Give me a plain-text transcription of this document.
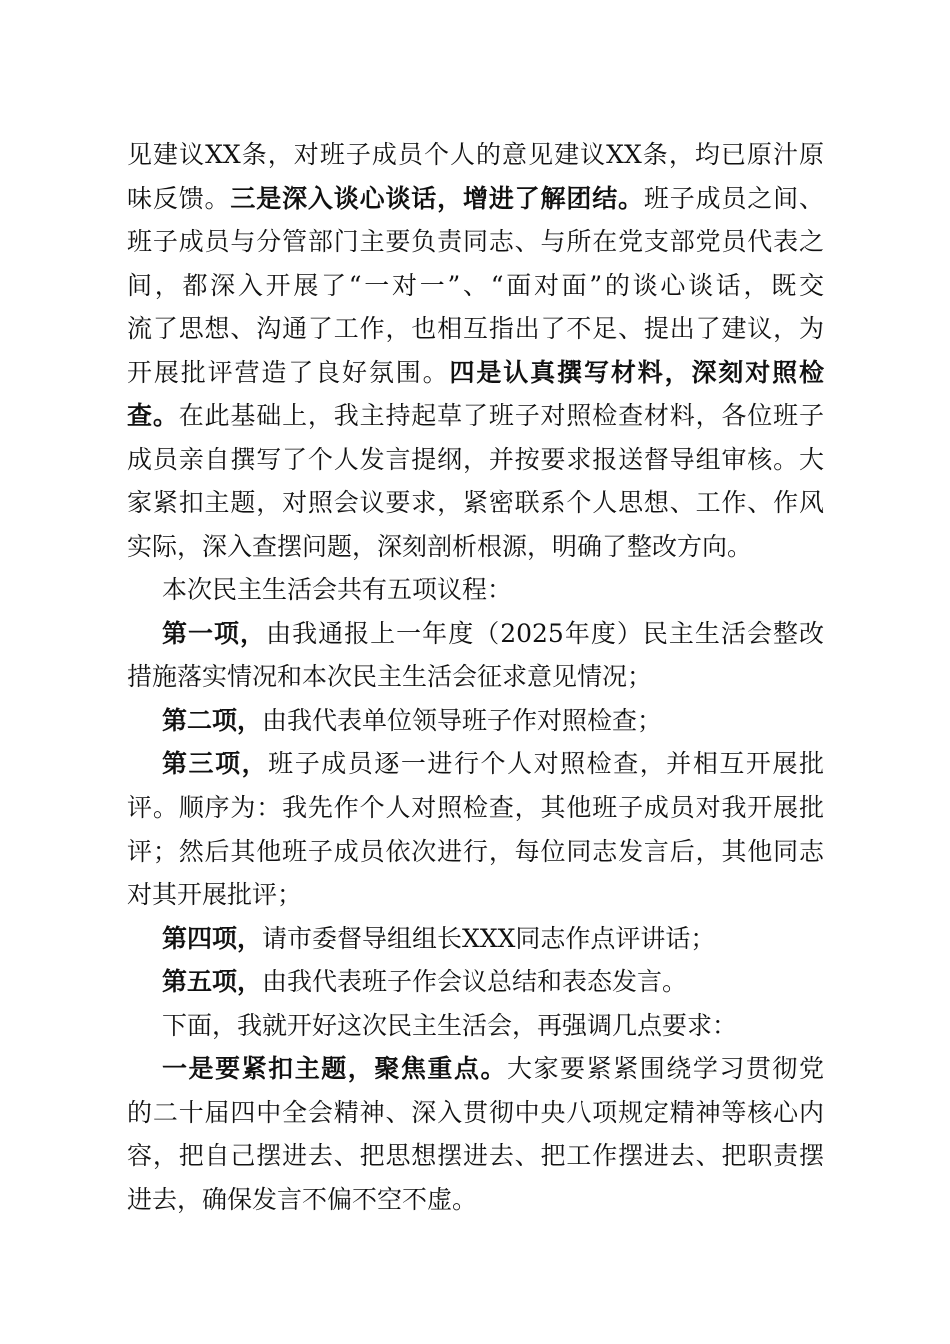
见建议XX条，对班子成员个人的意见建议XX条，均已原汁原
味反馈。三是深入谈心谈话，增进了解团结。班子成员之间、
班子成员与分管部门主要负责同志、与所在党支部党员代表之
间，都深入开展了“一对一”、“面对面”的谈心谈话，既交
流了思想、沟通了工作，也相互指出了不足、提出了建议，为
开展批评营造了良好氛围。四是认真撰写材料，深刻对照检
查。在此基础上，我主持起草了班子对照检查材料，各位班子
成员亲自撰写了个人发言提纲，并按要求报送督导组审核。大
家紧扣主题，对照会议要求，紧密联系个人思想、工作、作风
实际，深入查摆问题，深刻剖析根源，明确了整改方向。
本次民主生活会共有五项议程：
第一项，由我通报上一年度（2025年度）民主生活会整改
措施落实情况和本次民主生活会征求意见情况；
第二项，由我代表单位领导班子作对照检查；
第三项，班子成员逐一进行个人对照检查，并相互开展批
评。顺序为：我先作个人对照检查，其他班子成员对我开展批
评；然后其他班子成员依次进行，每位同志发言后，其他同志
对其开展批评；
第四项，请市委督导组组长XXX同志作点评讲话；
第五项，由我代表班子作会议总结和表态发言。
下面，我就开好这次民主生活会，再强调几点要求：
一是要紧扣主题，聚焦重点。大家要紧紧围绕学习贯彻党
的二十届四中全会精神、深入贯彻中央八项规定精神等核心内
容，把自己摆进去、把思想摆进去、把工作摆进去、把职责摆
进去，确保发言不偏不空不虚。
